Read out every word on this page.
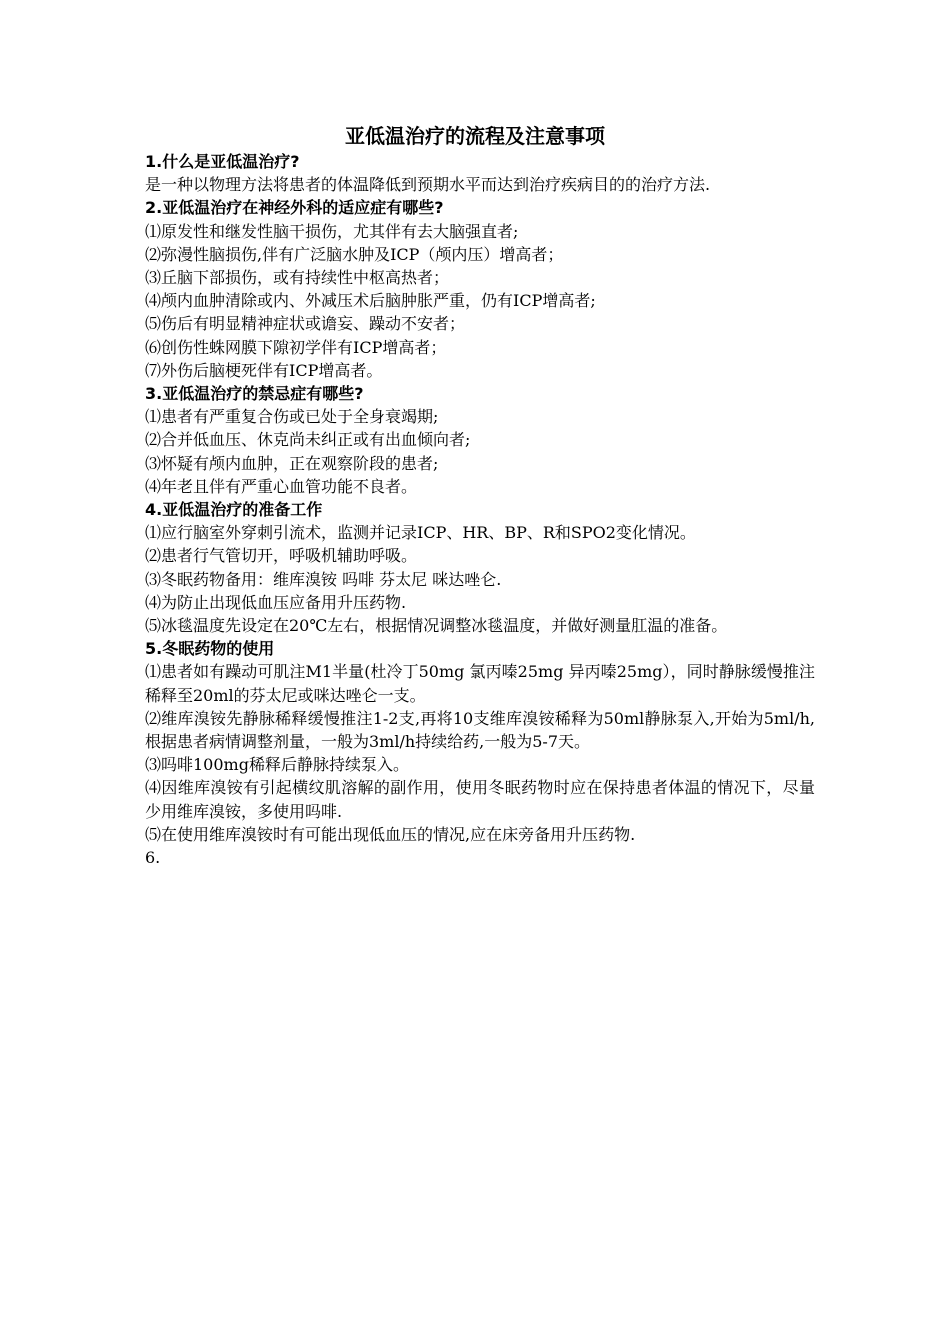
亚低温治疗的流程及注意事项

1.什么是亚低温治疗?

是一种以物理方法将患者的体温降低到预期水平而达到治疗疾病目的的治疗方法.

2.亚低温治疗在神经外科的适应症有哪些?

⑴原发性和继发性脑干损伤，尤其伴有去大脑强直者;

⑵弥漫性脑损伤,伴有广泛脑水肿及ICP（颅内压）增高者；

⑶丘脑下部损伤，或有持续性中枢高热者；

⑷颅内血肿清除或内、外减压术后脑肿胀严重，仍有ICP增高者;

⑸伤后有明显精神症状或谵妄、躁动不安者；

⑹创伤性蛛网膜下隙初学伴有ICP增高者；

⑺外伤后脑梗死伴有ICP增高者。

3.亚低温治疗的禁忌症有哪些?

⑴患者有严重复合伤或已处于全身衰竭期;

⑵合并低血压、休克尚未纠正或有出血倾向者;

⑶怀疑有颅内血肿，正在观察阶段的患者;

⑷年老且伴有严重心血管功能不良者。

4.亚低温治疗的准备工作

⑴应行脑室外穿刺引流术，监测并记录ICP、HR、BP、R和SPO2变化情况。

⑵患者行气管切开，呼吸机辅助呼吸。

⑶冬眠药物备用：维库溴铵 吗啡 芬太尼 咪达唑仑.

⑷为防止出现低血压应备用升压药物.

⑸冰毯温度先设定在20℃左右，根据情况调整冰毯温度，并做好测量肛温的准备。

5.冬眠药物的使用

⑴患者如有躁动可肌注M1半量(杜冷丁50mg 氯丙嗪25mg 异丙嗪25mg），同时静脉缓慢推注稀释至20ml的芬太尼或咪达唑仑一支。

⑵维库溴铵先静脉稀释缓慢推注1-2支,再将10支维库溴铵稀释为50ml静脉泵入,开始为5ml/h,根据患者病情调整剂量，一般为3ml/h持续给药,一般为5-7天。

⑶吗啡100mg稀释后静脉持续泵入。

⑷因维库溴铵有引起横纹肌溶解的副作用，使用冬眠药物时应在保持患者体温的情况下，尽量少用维库溴铵，多使用吗啡.

⑸在使用维库溴铵时有可能出现低血压的情况,应在床旁备用升压药物.

6.
